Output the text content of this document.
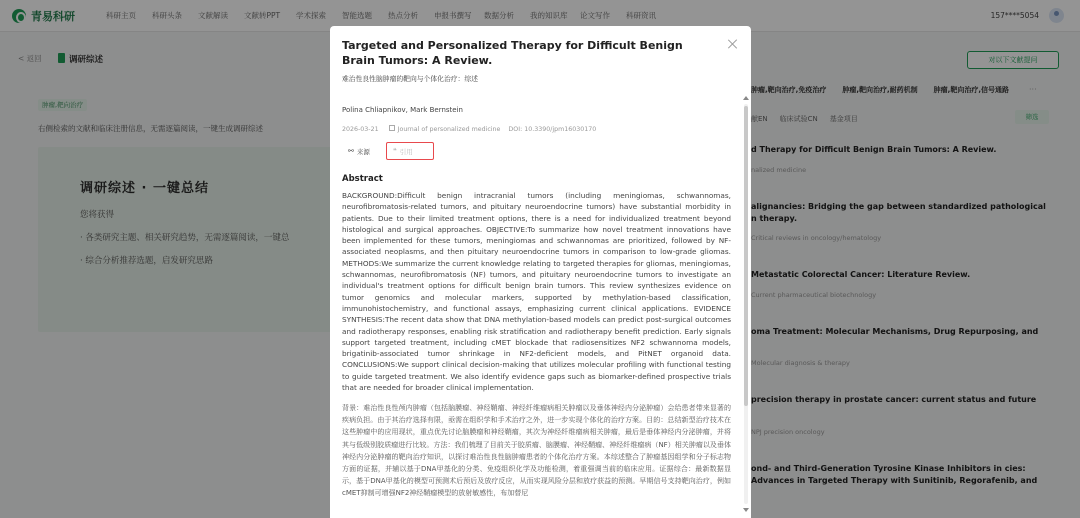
青易科研	科研主页	科研头条	文献解读	文献转PPT	学术探索	智能选题	热点分析	申报书撰写	数据分析	我的知识库	论文写作	科研资讯	157****5054
< 返回	调研综述
肿瘤,靶向治疗
右侧检索的文献和临床注册信息，无需逐篇阅读，一键生成调研综述
调研综述 · 一键总结
您将获得
· 各类研究主题、相关研究趋势，无需逐篇阅读，一键总
· 综合分析推荐选题，启发研究思路
对以下文献提问
肿瘤,靶向治疗,免疫治疗 肿瘤,靶向治疗,耐药机制 肿瘤,靶向治疗,信号通路	···
献EN 临床试验CN 基金项目	筛选
d Therapy for Difficult Benign Brain Tumors: A Review.
nalized medicine
alignancies: Bridging the gap between standardized pathological n therapy.
Critical reviews in oncology/hematology
Metastatic Colorectal Cancer: Literature Review.
Current pharmaceutical biotechnology
oma Treatment: Molecular Mechanisms, Drug Repurposing, and
Molecular diagnosis & therapy
precision therapy in prostate cancer: current status and future
NPJ precision oncology
ond- and Third-Generation Tyrosine Kinase Inhibitors in cies: Advances in Targeted Therapy with Sunitinib, Regorafenib, and
Targeted and Personalized Therapy for Difficult Benign Brain Tumors: A Review.
难治性良性脑肿瘤的靶向与个体化治疗：综述
Polina Chliapnikov, Mark Bernstein
2026-03-21	Journal of personalized medicine DOI: 10.3390/jpm16030170
⚯ 来源	❝ 引用
Abstract
BACKGROUND:Difficult benign intracranial tumors (including meningiomas, schwannomas, neurofibromatosis-related tumors, and pituitary neuroendocrine tumors) have substantial morbidity in patients. Due to their limited treatment options, there is a need for individualized treatment beyond histological and surgical approaches. OBJECTIVE:To summarize how novel treatment innovations have been implemented for these tumors, meningiomas and schwannomas are prioritized, followed by NF-associated neoplasms, and then pituitary neuroendocrine tumors in comparison to low-grade gliomas. METHODS:We summarize the current knowledge relating to targeted therapies for gliomas, meningiomas, schwannomas, neurofibromatosis (NF) tumors, and pituitary neuroendocrine tumors to investigate an individual's treatment options for difficult benign brain tumors. This review synthesizes evidence on tumor genomics and molecular markers, supported by methylation-based classification, immunohistochemistry, and functional assays, emphasizing current clinical applications. EVIDENCE SYNTHESIS:The recent data show that DNA methylation-based models can predict post-surgical outcomes and radiotherapy responses, enabling risk stratification and radiotherapy benefit prediction. Early signals support targeted treatment, including cMET blockade that radiosensitizes NF2 schwannoma models, brigatinib-associated tumor shrinkage in NF2-deficient models, and PitNET organoid data. CONCLUSIONS:We support clinical decision-making that utilizes molecular profiling with functional testing to guide targeted treatment. We also identify evidence gaps such as biomarker-defined prospective trials that are needed for broader clinical implementation.
背景：难治性良性颅内肿瘤（包括脑膜瘤、神经鞘瘤、神经纤维瘤病相关肿瘤以及垂体神经内分泌肿瘤）会给患者带来显著的疾病负担。由于其治疗选择有限，亟需在组织学和手术治疗之外，进一步实现个体化的治疗方案。目的：总结新型治疗技术在这些肿瘤中的应用现状，重点优先讨论脑膜瘤和神经鞘瘤，其次为神经纤维瘤病相关肿瘤，最后是垂体神经内分泌肿瘤，并将其与低级别胶质瘤进行比较。方法：我们梳理了目前关于胶质瘤、脑膜瘤、神经鞘瘤、神经纤维瘤病（NF）相关肿瘤以及垂体神经内分泌肿瘤的靶向治疗知识，以探讨难治性良性脑肿瘤患者的个体化治疗方案。本综述整合了肿瘤基因组学和分子标志物方面的证据，并辅以基于DNA甲基化的分类、免疫组织化学及功能检测，着重强调当前的临床应用。证据综合：最新数据显示，基于DNA甲基化的模型可预测术后预后及放疗反应，从而实现风险分层和放疗获益的预测。早期信号支持靶向治疗，例如cMET抑制可增强NF2神经鞘瘤模型的放射敏感性，布加替尼
